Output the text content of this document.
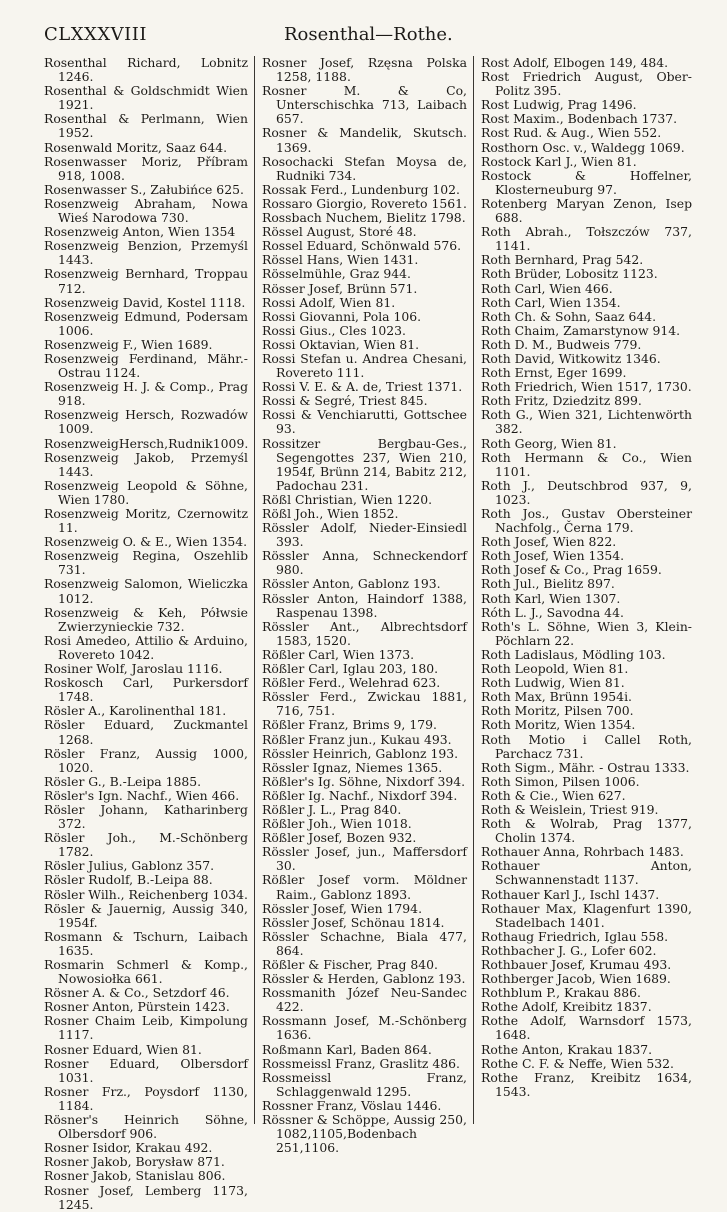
CLXXXVIII	Rosenthal—Rothe.
Rosenthal Richard, Lobnitz 1246.
Rosenthal & Goldschmidt Wien 1921.
Rosenthal & Perlmann, Wien 1952.
Rosenwald Moritz, Saaz 644.
Rosenwasser Moriz, Příbram 918, 1008.
Rosenwasser S., Załubińce 625.
Rosenzweig Abraham, Nowa Wieś Narodowa 730.
Rosenzweig Anton, Wien 1354
Rosenzweig Benzion, Przemyśl 1443.
Rosenzweig Bernhard, Troppau 712.
Rosenzweig David, Kostel 1118.
Rosenzweig Edmund, Podersam 1006.
Rosenzweig F., Wien 1689.
Rosenzweig Ferdinand, Mähr.-Ostrau 1124.
Rosenzweig H. J. & Comp., Prag 918.
Rosenzweig Hersch, Rozwadów 1009.
RosenzweigHersch,Rudnik1009.
Rosenzweig Jakob, Przemyśl 1443.
Rosenzweig Leopold & Söhne, Wien 1780.
Rosenzweig Moritz, Czernowitz 11.
Rosenzweig O. & E., Wien 1354.
Rosenzweig Regina, Oszehlib 731.
Rosenzweig Salomon, Wieliczka 1012.
Rosenzweig & Keh, Półwsie Zwierzynieckie 732.
Rosi Amedeo, Attilio & Arduino, Rovereto 1042.
Rosiner Wolf, Jaroslau 1116.
Roskosch Carl, Purkersdorf 1748.
Rösler A., Karolinenthal 181.
Rösler Eduard, Zuckmantel 1268.
Rösler Franz, Aussig 1000, 1020.
Rösler G., B.-Leipa 1885.
Rösler's Ign. Nachf., Wien 466.
Rösler Johann, Katharinberg 372.
Rösler Joh., M.-Schönberg 1782.
Rösler Julius, Gablonz 357.
Rösler Rudolf, B.-Leipa 88.
Rösler Wilh., Reichenberg 1034.
Rösler & Jauernig, Aussig 340, 1954f.
Rosmann & Tschurn, Laibach 1635.
Rosmarin Schmerl & Komp., Nowosiołka 661.
Rösner A. & Co., Setzdorf 46.
Rosner Anton, Pürstein 1423.
Rosner Chaim Leib, Kimpolung 1117.
Rosner Eduard, Wien 81.
Rosner Eduard, Olbersdorf 1031.
Rosner Frz., Poysdorf 1130, 1184.
Rösner's Heinrich Söhne, Olbersdorf 906.
Rosner Isidor, Krakau 492.
Rosner Jakob, Borysław 871.
Rosner Jakob, Stanislau 806.
Rosner Josef, Lemberg 1173, 1245.
Rosner Josef, Rzęsna Polska 1258, 1188.
Rosner M. & Co, Unterschischka 713, Laibach 657.
Rosner & Mandelik, Skutsch. 1369.
Rosochacki Stefan Moysa de, Rudniki 734.
Rossak Ferd., Lundenburg 102.
Rossaro Giorgio, Rovereto 1561.
Rossbach Nuchem, Bielitz 1798.
Rössel August, Storé 48.
Rossel Eduard, Schönwald 576.
Rössel Hans, Wien 1431.
Rösselmühle, Graz 944.
Rösser Josef, Brünn 571.
Rossi Adolf, Wien 81.
Rossi Giovanni, Pola 106.
Rossi Gius., Cles 1023.
Rossi Oktavian, Wien 81.
Rossi Stefan u. Andrea Chesani, Rovereto 111.
Rossi V. E. & A. de, Triest 1371.
Rossi & Segré, Triest 845.
Rossi & Venchiarutti, Gottschee 93.
Rossitzer Bergbau-Ges., Segengottes 237, Wien 210, 1954f, Brünn 214, Babitz 212, Padochau 231.
Rößl Christian, Wien 1220.
Rößl Joh., Wien 1852.
Rössler Adolf, Nieder-Einsiedl 393.
Rössler Anna, Schneckendorf 980.
Rössler Anton, Gablonz 193.
Rössler Anton, Haindorf 1388, Raspenau 1398.
Rössler Ant., Albrechtsdorf 1583, 1520.
Rößler Carl, Wien 1373.
Rößler Carl, Iglau 203, 180.
Rößler Ferd., Welehrad 623.
Rössler Ferd., Zwickau 1881, 716, 751.
Rößler Franz, Brims 9, 179.
Rößler Franz jun., Kukau 493.
Rössler Heinrich, Gablonz 193.
Rössler Ignaz, Niemes 1365.
Rößler's Ig. Söhne, Nixdorf 394.
Rößler Ig. Nachf., Nixdorf 394.
Rößler J. L., Prag 840.
Rößler Joh., Wien 1018.
Rößler Josef, Bozen 932.
Rössler Josef, jun., Maffersdorf 30.
Rößler Josef vorm. Möldner Raim., Gablonz 1893.
Rössler Josef, Wien 1794.
Rössler Josef, Schönau 1814.
Rössler Schachne, Biala 477, 864.
Rößler & Fischer, Prag 840.
Rössler & Herden, Gablonz 193.
Rossmanith Józef Neu-Sandec 422.
Rossmann Josef, M.-Schönberg 1636.
Roßmann Karl, Baden 864.
Rossmeissl Franz, Graslitz 486.
Rossmeissl Franz, Schlaggenwald 1295.
Rossner Franz, Vöslau 1446.
Rössner & Schöppe, Aussig 250, 1082,1105,Bodenbach 251,1106.
Rost Adolf, Elbogen 149, 484.
Rost Friedrich August, Ober-Politz 395.
Rost Ludwig, Prag 1496.
Rost Maxim., Bodenbach 1737.
Rost Rud. & Aug., Wien 552.
Rosthorn Osc. v., Waldegg 1069.
Rostock Karl J., Wien 81.
Rostock & Hoffelner, Klosterneuburg 97.
Rotenberg Maryan Zenon, Isep 688.
Roth Abrah., Tołszczów 737, 1141.
Roth Bernhard, Prag 542.
Roth Brüder, Lobositz 1123.
Roth Carl, Wien 466.
Roth Carl, Wien 1354.
Roth Ch. & Sohn, Saaz 644.
Roth Chaim, Zamarstynow 914.
Roth D. M., Budweis 779.
Roth David, Witkowitz 1346.
Roth Ernst, Eger 1699.
Roth Friedrich, Wien 1517, 1730.
Roth Fritz, Dziedzitz 899.
Roth G., Wien 321, Lichtenwörth 382.
Roth Georg, Wien 81.
Roth Hermann & Co., Wien 1101.
Roth J., Deutschbrod 937, 9, 1023.
Roth Jos., Gustav Obersteiner Nachfolg., Černa 179.
Roth Josef, Wien 822.
Roth Josef, Wien 1354.
Roth Josef & Co., Prag 1659.
Roth Jul., Bielitz 897.
Roth Karl, Wien 1307.
Róth L. J., Savodna 44.
Roth's L. Söhne, Wien 3, Klein-Pöchlarn 22.
Roth Ladislaus, Mödling 103.
Roth Leopold, Wien 81.
Roth Ludwig, Wien 81.
Roth Max, Brünn 1954i.
Roth Moritz, Pilsen 700.
Roth Moritz, Wien 1354.
Roth Motio i Callel Roth, Parchacz 731.
Roth Sigm., Mähr. - Ostrau 1333.
Roth Simon, Pilsen 1006.
Roth & Cie., Wien 627.
Roth & Weislein, Triest 919.
Roth & Wolrab, Prag 1377, Cholin 1374.
Rothauer Anna, Rohrbach 1483.
Rothauer Anton, Schwannenstadt 1137.
Rothauer Karl J., Ischl 1437.
Rothauer Max, Klagenfurt 1390, Stadelbach 1401.
Rothaug Friedrich, Iglau 558.
Rothbacher J. G., Lofer 602.
Rothbauer Josef, Krumau 493.
Rothberger Jacob, Wien 1689.
Rothblum P., Krakau 886.
Rothe Adolf, Kreibitz 1837.
Rothe Adolf, Warnsdorf 1573, 1648.
Rothe Anton, Krakau 1837.
Rothe C. F. & Neffe, Wien 532.
Rothe Franz, Kreibitz 1634, 1543.
